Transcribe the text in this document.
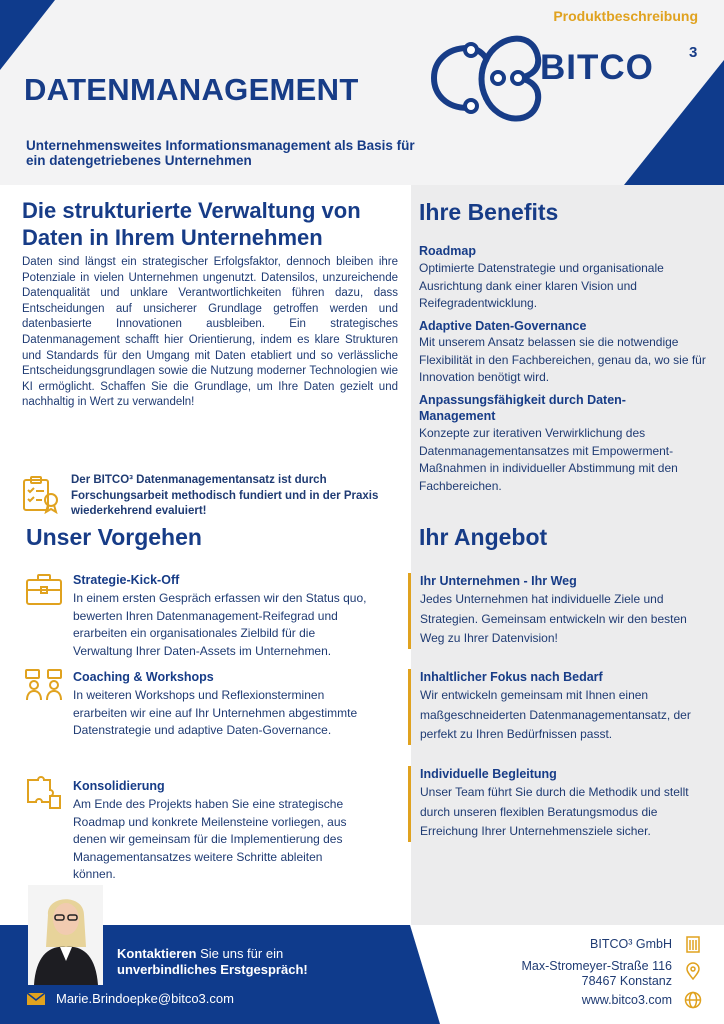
Produktbeschreibung
DATENMANAGEMENT
Unternehmensweites Informationsmanagement als Basis für ein datengetriebenes Unternehmen
BITCO 3
Die strukturierte Verwaltung von Daten in Ihrem Unternehmen
Daten sind längst ein strategischer Erfolgsfaktor, dennoch bleiben ihre Potenziale in vielen Unternehmen ungenutzt. Datensilos, unzureichende Datenqualität und unklare Verantwortlichkeiten führen dazu, dass Entscheidungen auf unsicherer Grundlage getroffen werden und datenbasierte Innovationen ausbleiben. Ein strategisches Datenmanagement schafft hier Orientierung, indem es klare Strukturen und Standards für den Umgang mit Daten etabliert und so verlässliche Entscheidungsgrundlagen sowie die Nutzung moderner Technologien wie KI ermöglicht. Schaffen Sie die Grundlage, um Ihre Daten gezielt und nachhaltig in Wert zu verwandeln!
Der BITCO³ Datenmanagementansatz ist durch Forschungsarbeit methodisch fundiert und in der Praxis wiederkehrend evaluiert!
Unser Vorgehen
Strategie-Kick-Off
In einem ersten Gespräch erfassen wir den Status quo, bewerten Ihren Datenmanagement-Reifegrad und erarbeiten ein organisationales Zielbild für die Verwaltung Ihrer Daten-Assets im Unternehmen.
Coaching & Workshops
In weiteren Workshops und Reflexionsterminen erarbeiten wir eine auf Ihr Unternehmen abgestimmte Datenstrategie und adaptive Daten-Governance.
Konsolidierung
Am Ende des Projekts haben Sie eine strategische Roadmap und konkrete Meilensteine vorliegen, aus denen wir gemeinsam für die Implementierung des Managementansatzes weitere Schritte ableiten können.
Ihre Benefits
Roadmap
Optimierte Datenstrategie und organisationale Ausrichtung dank einer klaren Vision und Reifegradentwicklung.
Adaptive Daten-Governance
Mit unserem Ansatz belassen sie die notwendige Flexibilität in den Fachbereichen, genau da, wo sie für Innovation benötigt wird.
Anpassungsfähigkeit durch Daten-Management
Konzepte zur iterativen Verwirklichung des Datenmanagementansatzes mit Empowerment-Maßnahmen in individueller Abstimmung mit den Fachbereichen.
Ihr Angebot
Ihr Unternehmen - Ihr Weg
Jedes Unternehmen hat individuelle Ziele und Strategien. Gemeinsam entwickeln wir den besten Weg zu Ihrer Datenvision!
Inhaltlicher Fokus nach Bedarf
Wir entwickeln gemeinsam mit Ihnen einen maßgeschneiderten Datenmanagementansatz, der perfekt zu Ihren Bedürfnissen passt.
Individuelle Begleitung
Unser Team führt Sie durch die Methodik und stellt durch unseren flexiblen Beratungsmodus die Erreichung Ihrer Unternehmensziele sicher.
Kontaktieren Sie uns für ein
unverbindliches Erstgespräch!
Marie.Brindoepke@bitco3.com
BITCO³ GmbH
Max-Stromeyer-Straße 116
78467 Konstanz
www.bitco3.com
